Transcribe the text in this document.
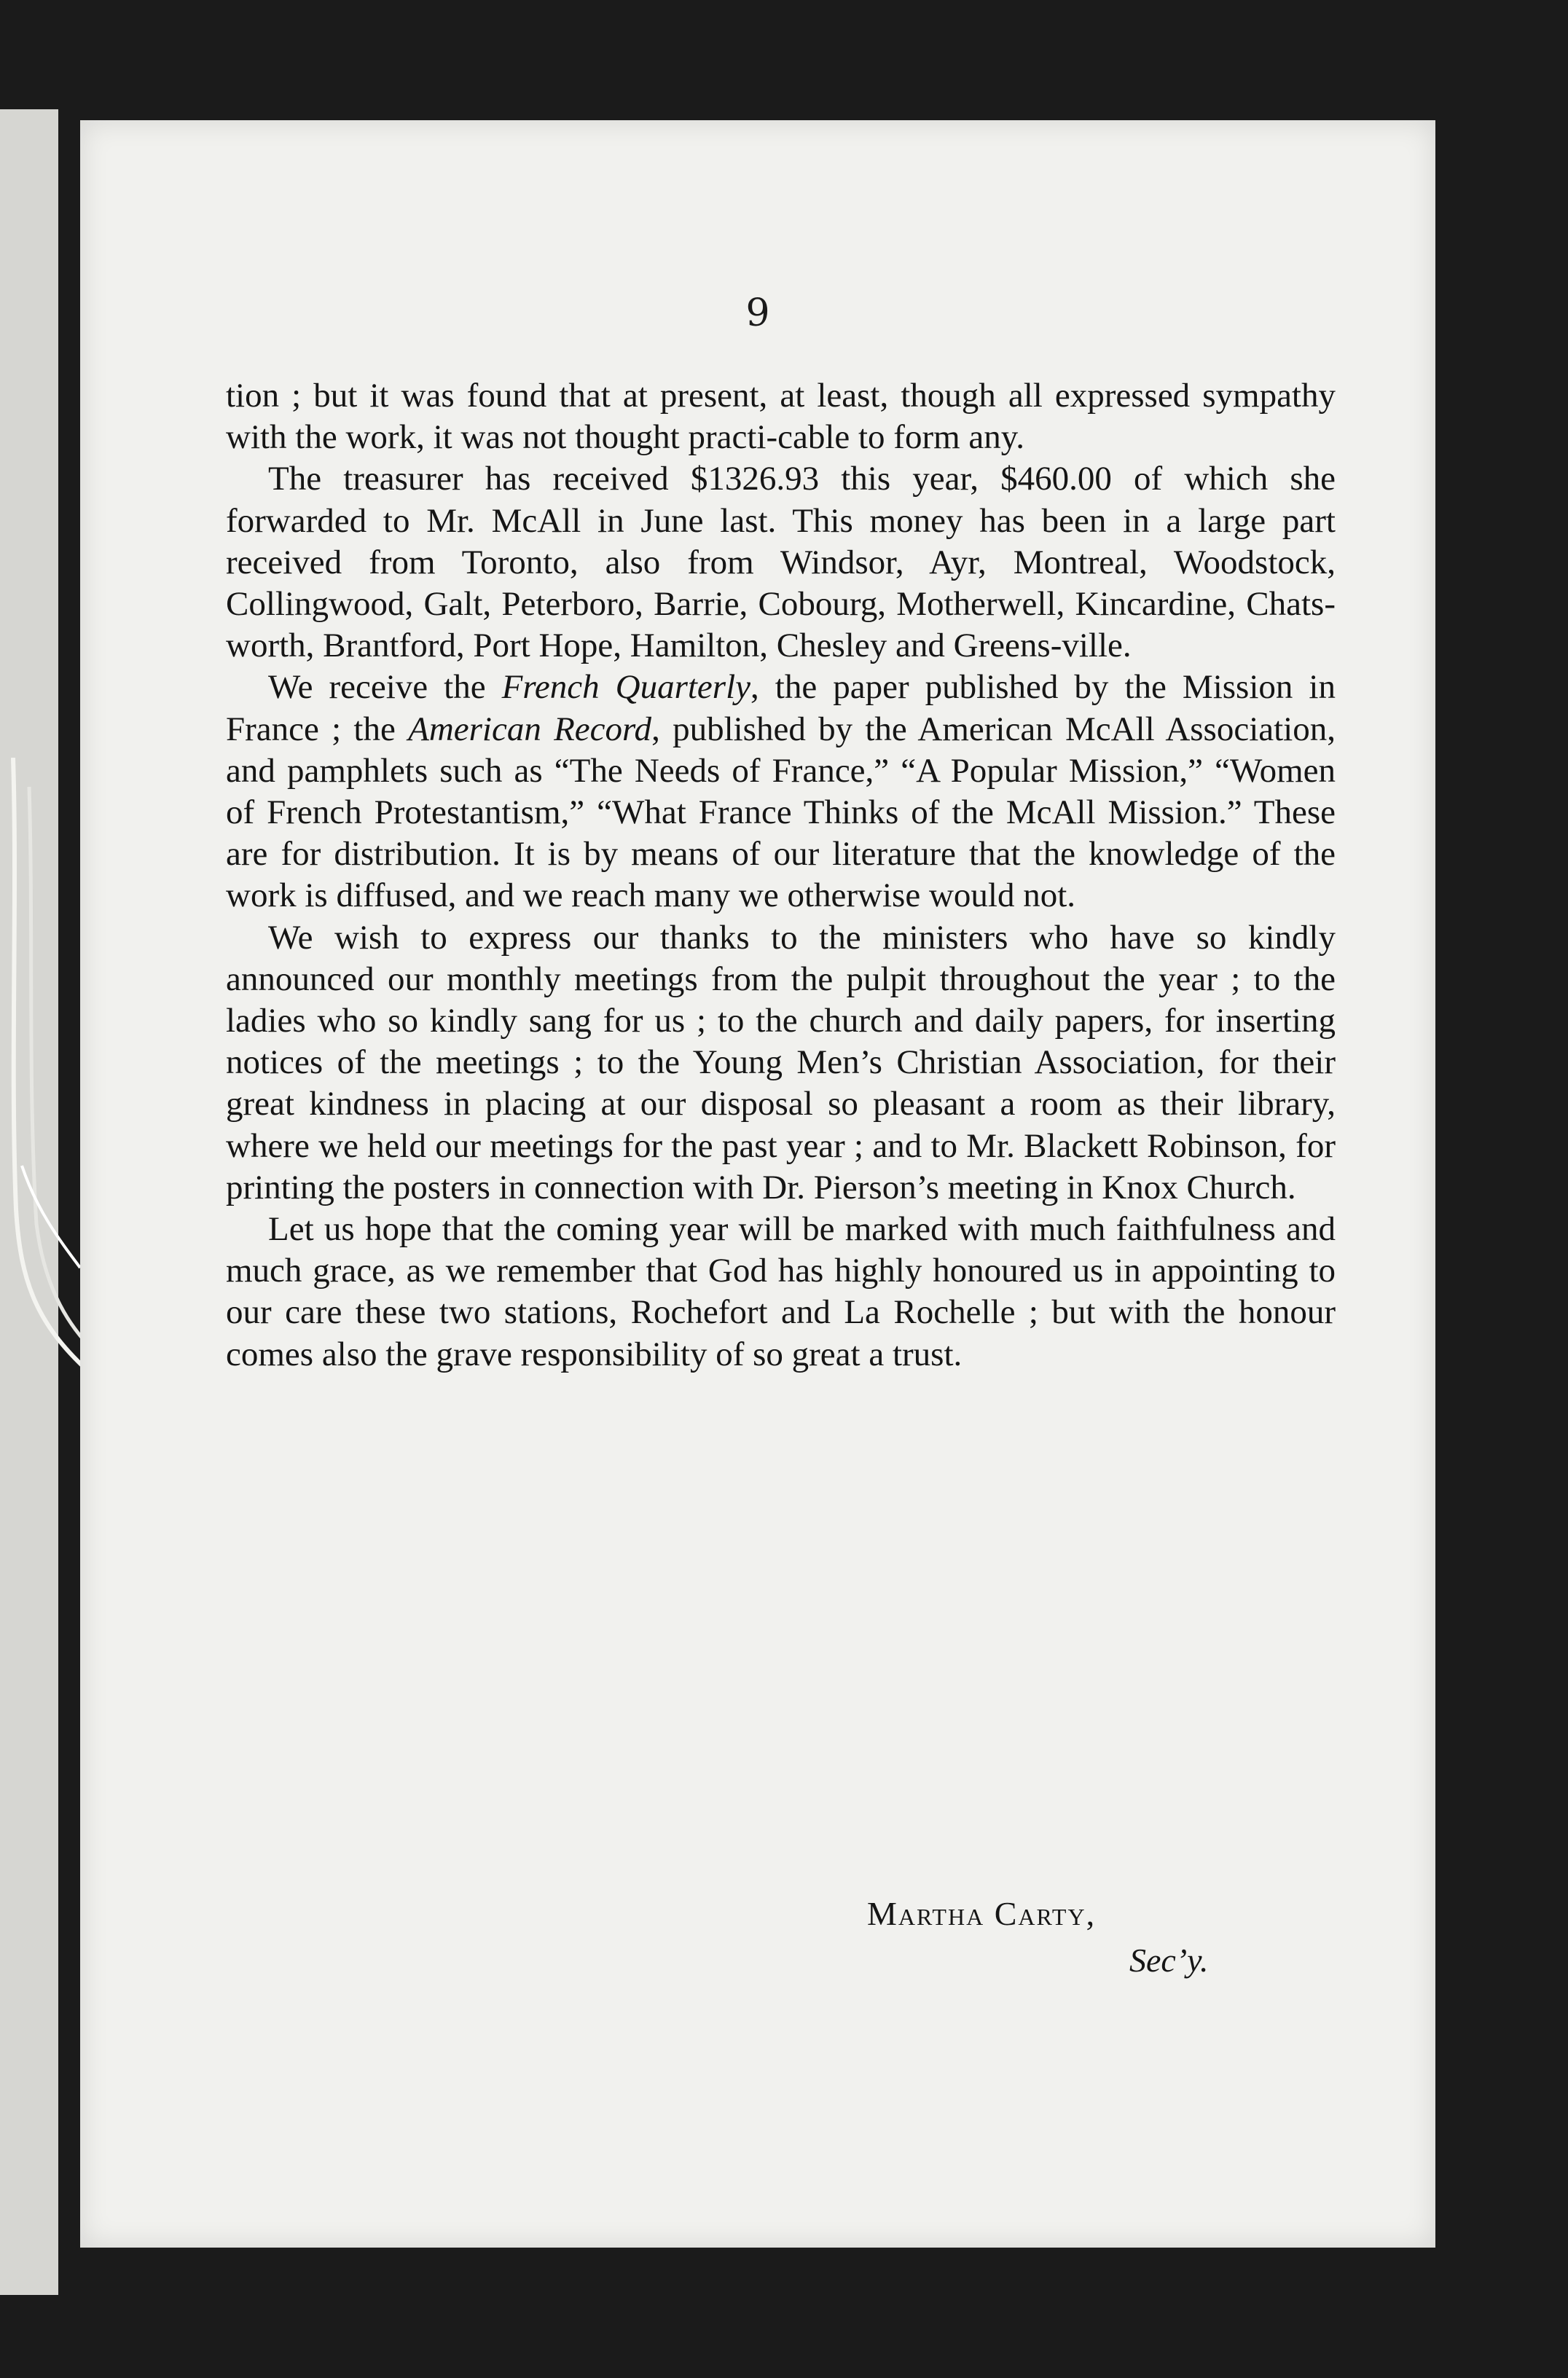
9

tion ; but it was found that at present, at least, though all expressed sympathy with the work, it was not thought practi-cable to form any.

The treasurer has received $1326.93 this year, $460.00 of which she forwarded to Mr. McAll in June last. This money has been in a large part received from Toronto, also from Windsor, Ayr, Montreal, Woodstock, Collingwood, Galt, Peterboro, Barrie, Cobourg, Motherwell, Kincardine, Chats-worth, Brantford, Port Hope, Hamilton, Chesley and Greens-ville.

We receive the French Quarterly, the paper published by the Mission in France ; the American Record, published by the American McAll Association, and pamphlets such as “The Needs of France,” “A Popular Mission,” “Women of French Protestantism,” “What France Thinks of the McAll Mission.” These are for distribution. It is by means of our literature that the knowledge of the work is diffused, and we reach many we otherwise would not.

We wish to express our thanks to the ministers who have so kindly announced our monthly meetings from the pulpit throughout the year ; to the ladies who so kindly sang for us ; to the church and daily papers, for inserting notices of the meetings ; to the Young Men’s Christian Association, for their great kindness in placing at our disposal so pleasant a room as their library, where we held our meetings for the past year ; and to Mr. Blackett Robinson, for printing the posters in connection with Dr. Pierson’s meeting in Knox Church.

Let us hope that the coming year will be marked with much faithfulness and much grace, as we remember that God has highly honoured us in appointing to our care these two stations, Rochefort and La Rochelle ; but with the honour comes also the grave responsibility of so great a trust.

Martha Carty,
Sec’y.
